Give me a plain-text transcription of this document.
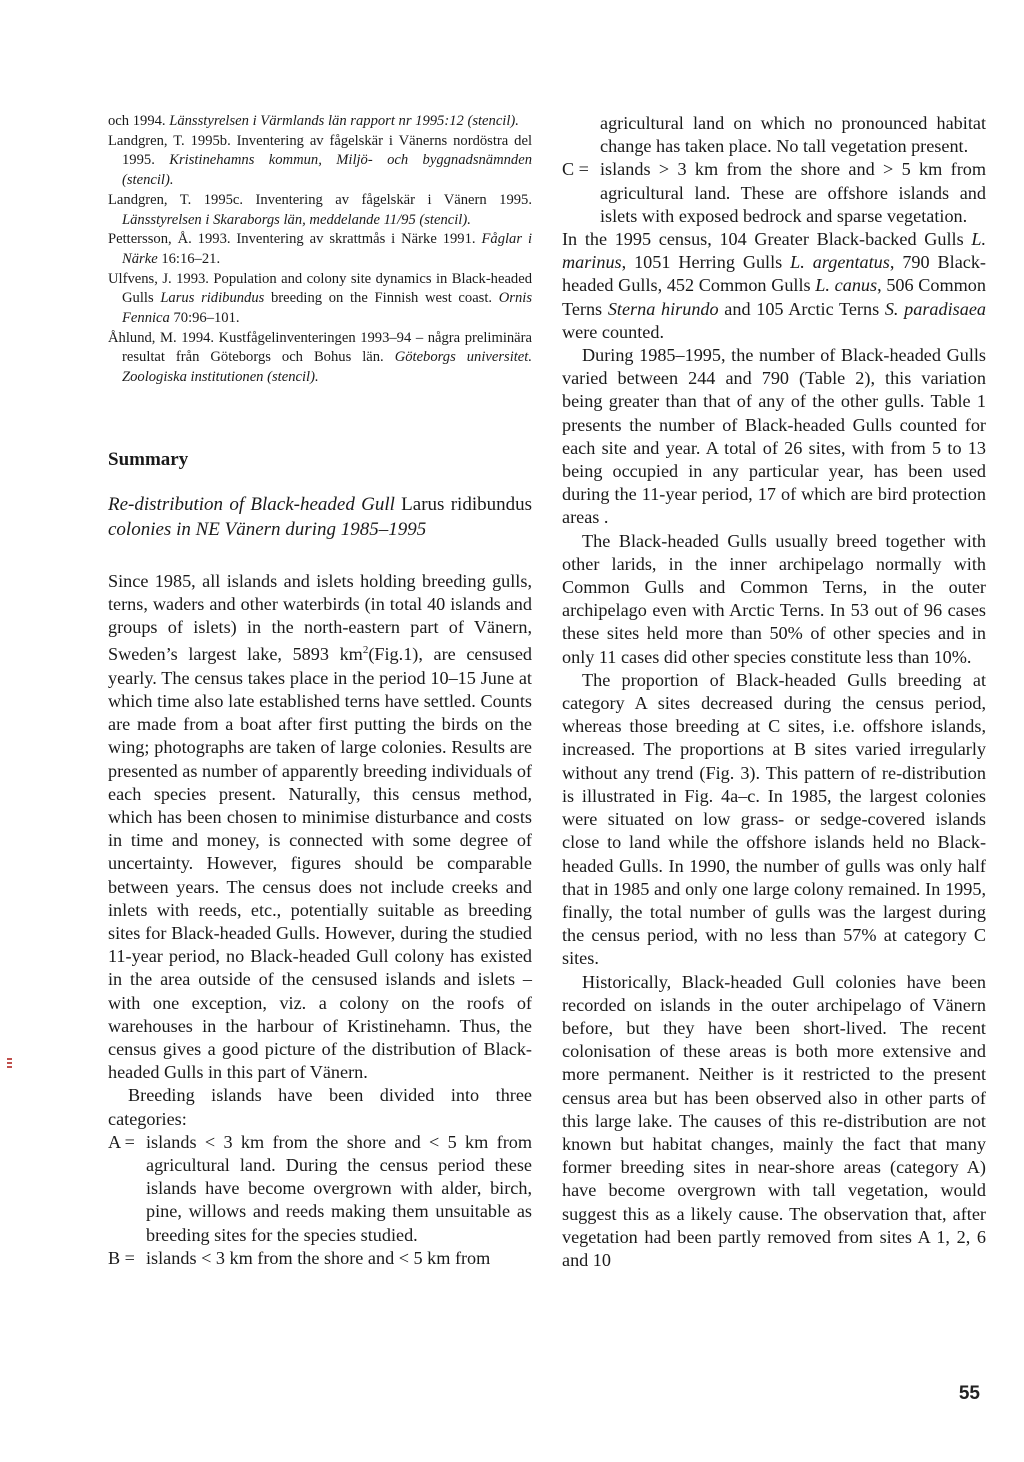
och 1994. Länsstyrelsen i Värmlands län rapport nr 1995:12 (stencil).
Landgren, T. 1995b. Inventering av fågelskär i Vänerns nordöstra del 1995. Kristinehamns kommun, Miljö- och byggnadsnämnden (stencil).
Landgren, T. 1995c. Inventering av fågelskär i Vänern 1995. Länsstyrelsen i Skaraborgs län, meddelande 11/95 (stencil).
Pettersson, Å. 1993. Inventering av skrattmås i Närke 1991. Fåglar i Närke 16:16–21.
Ulfvens, J. 1993. Population and colony site dynamics in Black-headed Gulls Larus ridibundus breeding on the Finnish west coast. Ornis Fennica 70:96–101.
Åhlund, M. 1994. Kustfågelinventeringen 1993–94 – några preliminära resultat från Göteborgs och Bohus län. Göteborgs universitet. Zoologiska institutionen (stencil).
Summary
Re-distribution of Black-headed Gull Larus ridibundus colonies in NE Vänern during 1985–1995

Since 1985, all islands and islets holding breeding gulls, terns, waders and other waterbirds (in total 40 islands and groups of islets) in the north-eastern part of Vänern, Sweden’s largest lake, 5893 $km^2(Fig.1)$, are censused yearly. The census takes place in the period 10–15 June at which time also late established terns have settled. Counts are made from a boat after first putting the birds on the wing; photographs are taken of large colonies. Results are presented as number of apparently breeding individuals of each species present. Naturally, this census method, which has been chosen to minimise disturbance and costs in time and money, is connected with some degree of uncertainty. However, figures should be comparable between years. The census does not include creeks and inlets with reeds, etc., potentially suitable as breeding sites for Black-headed Gulls. However, during the studied 11-year period, no Black-headed Gull colony has existed in the area outside of the censused islands and islets – with one exception, viz. a colony on the roofs of warehouses in the harbour of Kristinehamn. Thus, the census gives a good picture of the distribution of Black-headed Gulls in this part of Vänern.

Breeding islands have been divided into three categories:

A = islands < 3 km from the shore and < 5 km from agricultural land. During the census period these islands have become overgrown with alder, birch, pine, willows and reeds making them unsuitable as breeding sites for the species studied.
B = islands < 3 km from the shore and < 5 km from
agricultural land on which no pronounced habitat change has taken place. No tall vegetation present.
C = islands > 3 km from the shore and > 5 km from agricultural land. These are offshore islands and islets with exposed bedrock and sparse vegetation.

In the 1995 census, 104 Greater Black-backed Gulls L. marinus, 1051 Herring Gulls L. argentatus, 790 Black-headed Gulls, 452 Common Gulls L. canus, 506 Common Terns Sterna hirundo and 105 Arctic Terns S. paradisaea were counted.

During 1985–1995, the number of Black-headed Gulls varied between 244 and 790 (Table 2), this variation being greater than that of any of the other gulls. Table 1 presents the number of Black-headed Gulls counted for each site and year. A total of 26 sites, with from 5 to 13 being occupied in any particular year, has been used during the 11-year period, 17 of which are bird protection areas .

The Black-headed Gulls usually breed together with other larids, in the inner archipelago normally with Common Gulls and Common Terns, in the outer archipelago even with Arctic Terns. In 53 out of 96 cases these sites held more than 50% of other species and in only 11 cases did other species constitute less than 10%.

The proportion of Black-headed Gulls breeding at category A sites decreased during the census period, whereas those breeding at C sites, i.e. offshore islands, increased. The proportions at B sites varied irregularly without any trend (Fig. 3). This pattern of re-distribution is illustrated in Fig. 4a–c. In 1985, the largest colonies were situated on low grass- or sedge-covered islands close to land while the offshore islands held no Black-headed Gulls. In 1990, the number of gulls was only half that in 1985 and only one large colony remained. In 1995, finally, the total number of gulls was the largest during the census period, with no less than 57% at category C sites.

Historically, Black-headed Gull colonies have been recorded on islands in the outer archipelago of Vänern before, but they have been short-lived. The recent colonisation of these areas is both more extensive and more permanent. Neither is it restricted to the present census area but has been observed also in other parts of this large lake. The causes of this re-distribution are not known but habitat changes, mainly the fact that many former breeding sites in near-shore areas (category A) have become overgrown with tall vegetation, would suggest this as a likely cause. The observation that, after vegetation had been partly removed from sites A 1, 2, 6 and 10

55
